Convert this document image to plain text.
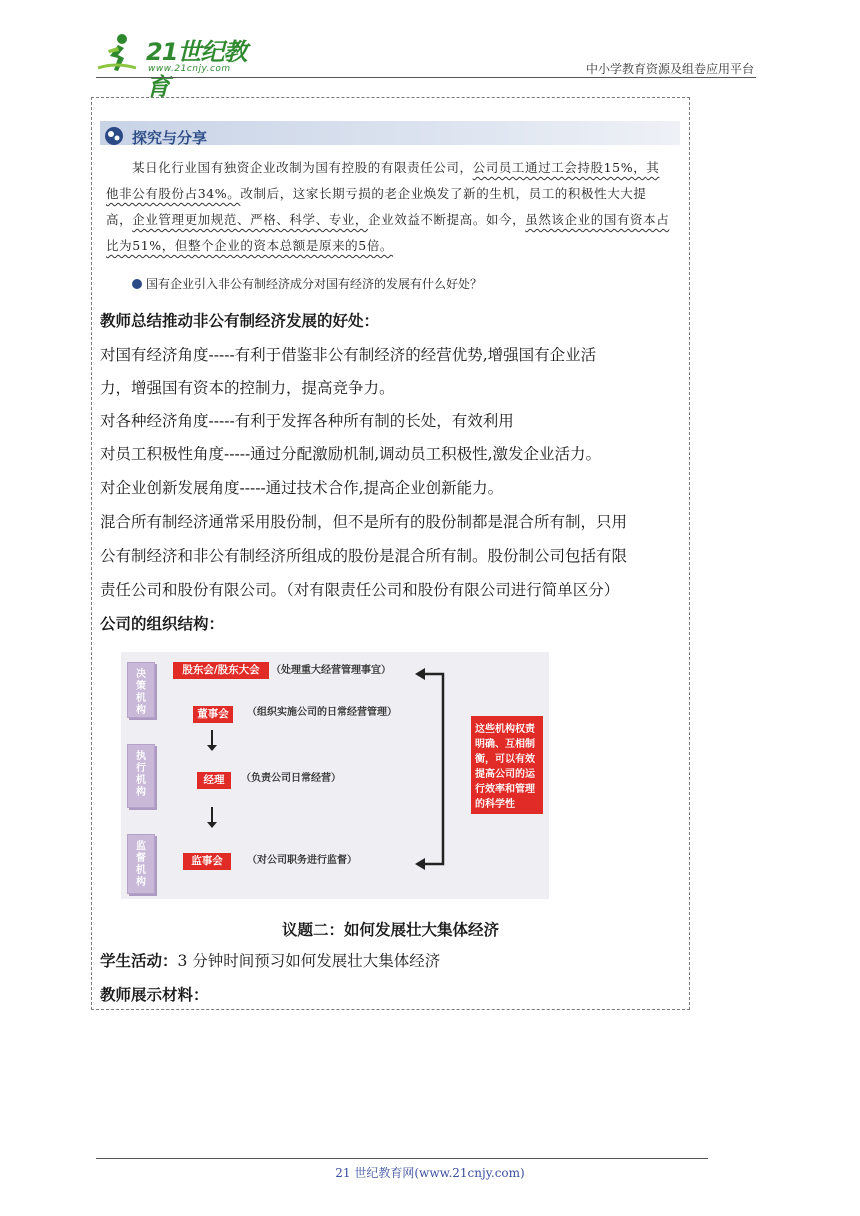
21世纪教育
www.21cnjy.com	中小学教育资源及组卷应用平台
探究与分享
某日化行业国有独资企业改制为国有控股的有限责任公司，公司员工通过工会持股15%，其他非公有股份占34%。改制后，这家长期亏损的老企业焕发了新的生机，员工的积极性大大提高，企业管理更加规范、严格、科学、专业，企业效益不断提高。如今，虽然该企业的国有资本占比为51%，但整个企业的资本总额是原来的5倍。
国有企业引入非公有制经济成分对国有经济的发展有什么好处？
教师总结推动非公有制经济发展的好处：
对国有经济角度-----有利于借鉴非公有制经济的经营优势,增强国有企业活
力，增强国有资本的控制力，提高竞争力。
对各种经济角度-----有利于发挥各种所有制的长处，有效利用
对员工积极性角度-----通过分配激励机制,调动员工积极性,激发企业活力。
对企业创新发展角度-----通过技术合作,提高企业创新能力。
混合所有制经济通常采用股份制，但不是所有的股份制都是混合所有制，只用
公有制经济和非公有制经济所组成的股份是混合所有制。股份制公司包括有限
责任公司和股份有限公司。（对有限责任公司和股份有限公司进行简单区分）
公司的组织结构：
决策机构
执行机构
监督机构
股东会/股东大会	（处理重大经营管理事宜）
董事会	（组织实施公司的日常经营管理）
经理	（负责公司日常经营）
监事会	（对公司职务进行监督）
这些机构权责明确、互相制衡，可以有效提高公司的运行效率和管理的科学性
议题二：如何发展壮大集体经济
学生活动：3 分钟时间预习如何发展壮大集体经济
教师展示材料：
21 世纪教育网(www.21cnjy.com)
